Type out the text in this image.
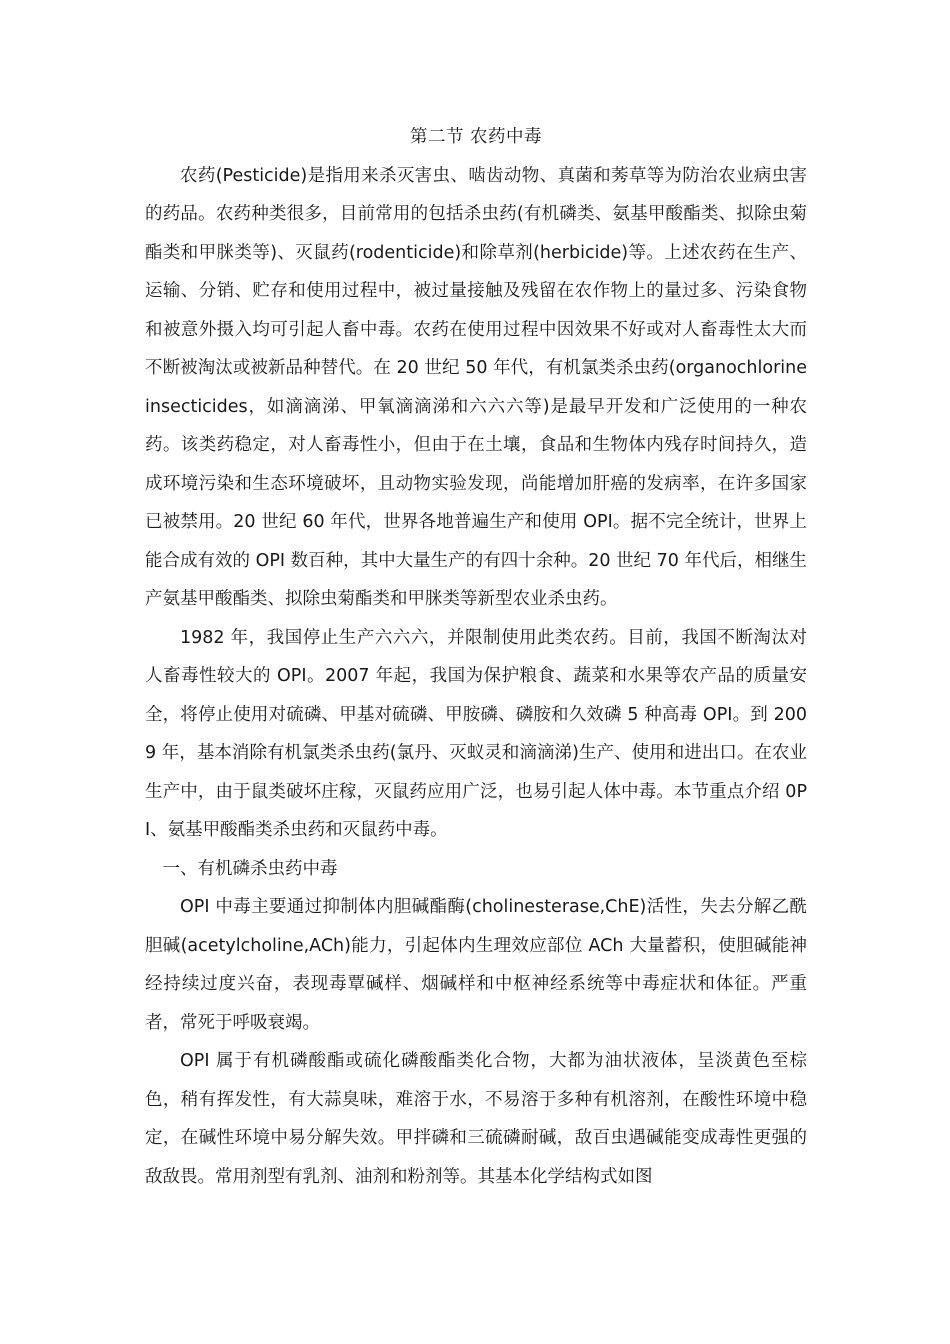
第二节 农药中毒

农药(Pesticide)是指用来杀灭害虫、啮齿动物、真菌和莠草等为防治农业病虫害的药品。农药种类很多，目前常用的包括杀虫药(有机磷类、氨基甲酸酯类、拟除虫菊酯类和甲脒类等)、灭鼠药(rodenticide)和除草剂(herbicide)等。上述农药在生产、运输、分销、贮存和使用过程中，被过量接触及残留在农作物上的量过多、污染食物和被意外摄入均可引起人畜中毒。农药在使用过程中因效果不好或对人畜毒性太大而不断被淘汰或被新品种替代。在 20 世纪 50 年代，有机氯类杀虫药(organochlorine insecticides，如滴滴涕、甲氧滴滴涕和六六六等)是最早开发和广泛使用的一种农药。该类药稳定，对人畜毒性小，但由于在土壤，食品和生物体内残存时间持久，造成环境污染和生态环境破坏，且动物实验发现，尚能增加肝癌的发病率，在许多国家已被禁用。20 世纪 60 年代，世界各地普遍生产和使用 OPI。据不完全统计，世界上能合成有效的 OPI 数百种，其中大量生产的有四十余种。20 世纪 70 年代后，相继生产氨基甲酸酯类、拟除虫菊酯类和甲脒类等新型农业杀虫药。

1982 年，我国停止生产六六六，并限制使用此类农药。目前，我国不断淘汰对人畜毒性较大的 OPI。2007 年起，我国为保护粮食、蔬菜和水果等农产品的质量安全，将停止使用对硫磷、甲基对硫磷、甲胺磷、磷胺和久效磷 5 种高毒 OPI。到 2009 年，基本消除有机氯类杀虫药(氯丹、灭蚁灵和滴滴涕)生产、使用和进出口。在农业生产中，由于鼠类破坏庄稼，灭鼠药应用广泛，也易引起人体中毒。本节重点介绍 0PI、氨基甲酸酯类杀虫药和灭鼠药中毒。

一、有机磷杀虫药中毒

OPI 中毒主要通过抑制体内胆碱酯酶(cholinesterase,ChE)活性，失去分解乙酰胆碱(acetylcholine,ACh)能力，引起体内生理效应部位 ACh 大量蓄积，使胆碱能神经持续过度兴奋，表现毒覃碱样、烟碱样和中枢神经系统等中毒症状和体征。严重者，常死于呼吸衰竭。

OPI 属于有机磷酸酯或硫化磷酸酯类化合物，大都为油状液体，呈淡黄色至棕色，稍有挥发性，有大蒜臭味，难溶于水，不易溶于多种有机溶剂，在酸性环境中稳定，在碱性环境中易分解失效。甲拌磷和三硫磷耐碱，敌百虫遇碱能变成毒性更强的敌敌畏。常用剂型有乳剂、油剂和粉剂等。其基本化学结构式如图
